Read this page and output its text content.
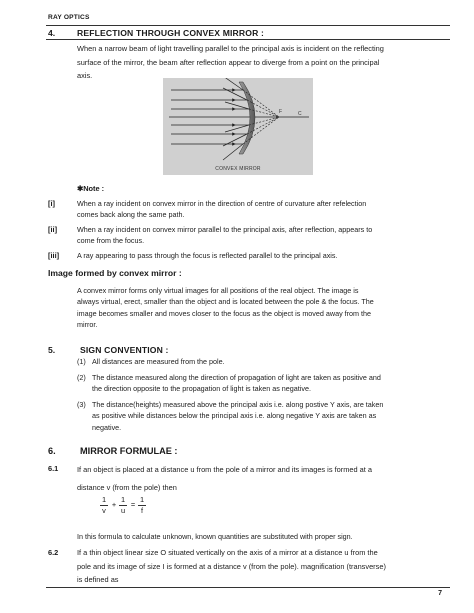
RAY OPTICS
4.	REFLECTION THROUGH CONVEX MIRROR :
When a narrow beam of light travelling parallel to the principal axis is incident on the reflecting
surface of the mirror, the beam after reflection appear to diverge from a point on the principal
axis.
F	C
CONVEX MIRROR
✱Note :
[i]	When a ray incident on convex mirror in the direction of centre of curvature after refelection
comes back along the same path.
[ii]	When a ray incident on convex mirror parallel to the principal axis, after reflection, appears to
come from the focus.
[iii] A ray appearing to pass through the focus is reflected parallel to the principal axis.
Image formed by convex mirror :
A convex mirror forms only virtual images for all positions of the real object. The image is
always virtual, erect, smaller than the object and is located between the pole & the focus. The
image becomes smaller and moves closer to the focus as the object is moved away from the
mirror.
5.	SIGN CONVENTION :
(1) All distances are measured from the pole.
(2) The distance measured along the direction of propagation of light are taken as positive and
the direction opposite to the propagation of light is taken as negative.
(3) The distance(heights) measured above the principal axis i.e. along postive Y axis, are taken
as positive while distances below the principal axis i.e. along negative Y axis are taken as
negative.
6.	MIRROR FORMULAE :
6.1	If an object is placed at a distance u from the pole of a mirror and its images is formed at a
distance v (from the pole) then
1
v
+
1
u
=
1
f
In this formula to calculate unknown, known quantities are substituted with proper sign.
6.2	If a thin object linear size O situated vertically on the axis of a mirror at a distance u from the
pole and its image of size I is formed at a distance v (from the pole). magnification (transverse)
is defined as
7
